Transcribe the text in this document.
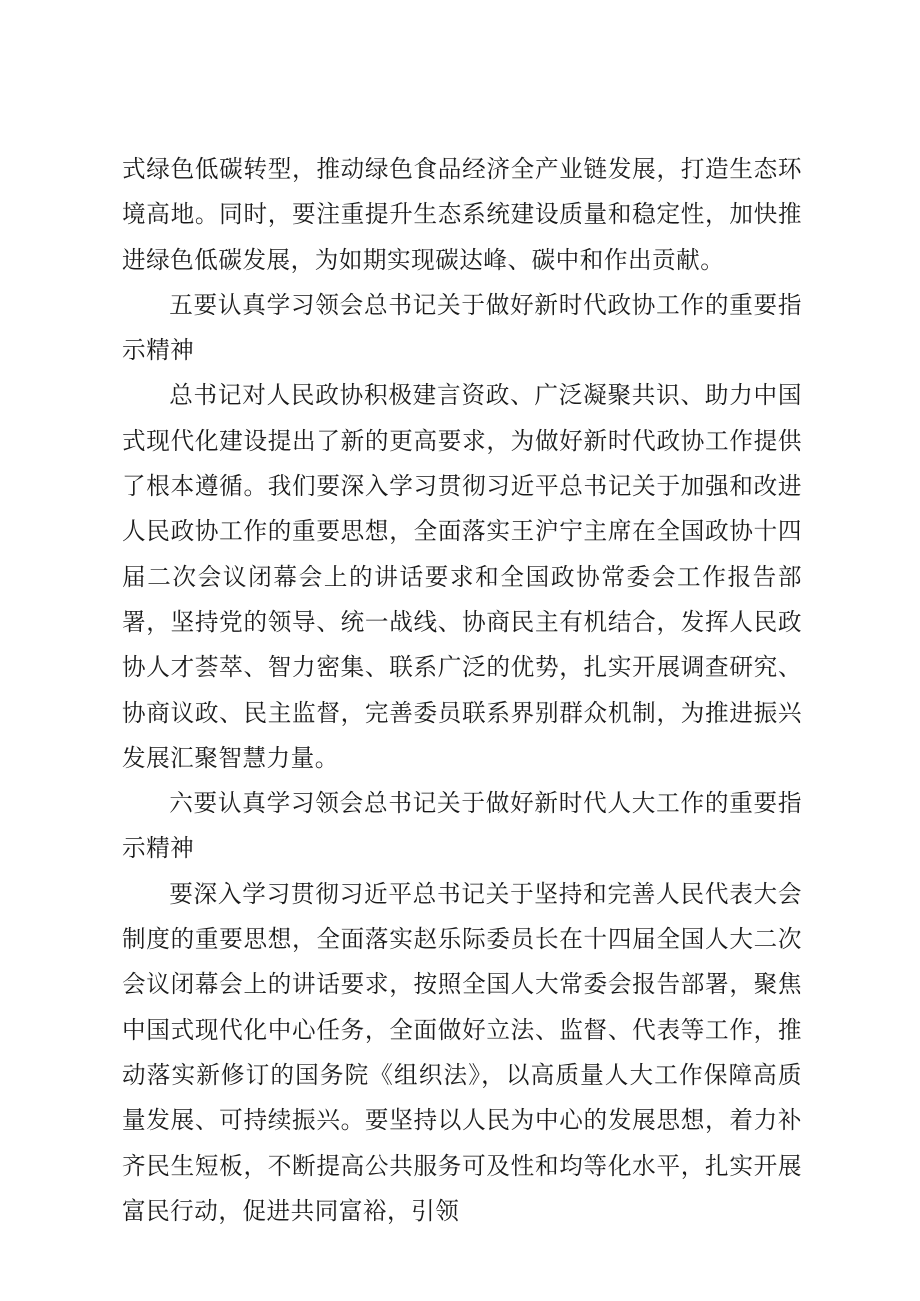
式绿色低碳转型，推动绿色食品经济全产业链发展，打造生态环境高地。同时，要注重提升生态系统建设质量和稳定性，加快推进绿色低碳发展，为如期实现碳达峰、碳中和作出贡献。

五要认真学习领会总书记关于做好新时代政协工作的重要指示精神

总书记对人民政协积极建言资政、广泛凝聚共识、助力中国式现代化建设提出了新的更高要求，为做好新时代政协工作提供了根本遵循。我们要深入学习贯彻习近平总书记关于加强和改进人民政协工作的重要思想，全面落实王沪宁主席在全国政协十四届二次会议闭幕会上的讲话要求和全国政协常委会工作报告部署，坚持党的领导、统一战线、协商民主有机结合，发挥人民政协人才荟萃、智力密集、联系广泛的优势，扎实开展调查研究、协商议政、民主监督，完善委员联系界别群众机制，为推进振兴发展汇聚智慧力量。

六要认真学习领会总书记关于做好新时代人大工作的重要指示精神

要深入学习贯彻习近平总书记关于坚持和完善人民代表大会制度的重要思想，全面落实赵乐际委员长在十四届全国人大二次会议闭幕会上的讲话要求，按照全国人大常委会报告部署，聚焦中国式现代化中心任务，全面做好立法、监督、代表等工作，推动落实新修订的国务院《组织法》，以高质量人大工作保障高质量发展、可持续振兴。要坚持以人民为中心的发展思想，着力补齐民生短板，不断提高公共服务可及性和均等化水平，扎实开展富民行动，促进共同富裕，引领
